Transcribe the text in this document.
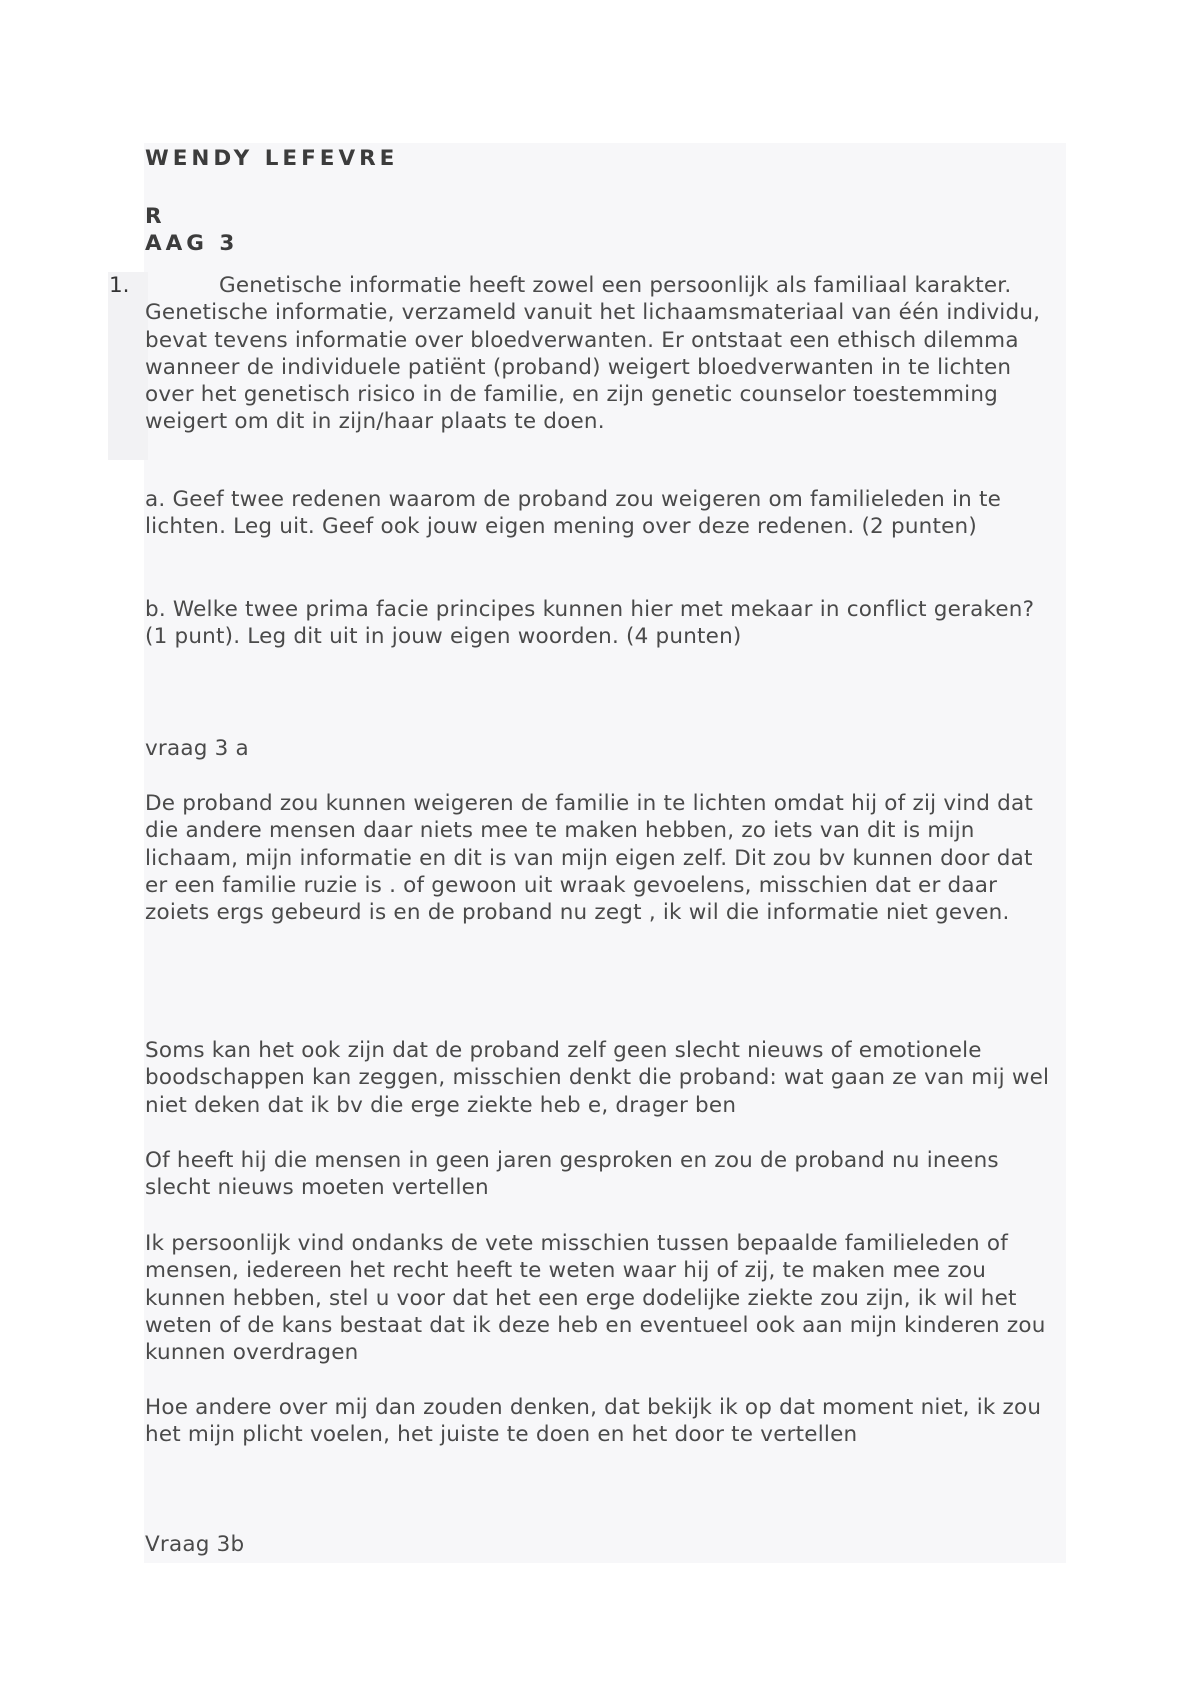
WENDY LEFEVRE

R

AAG 3

1.	Genetische informatie heeft zowel een persoonlijk als familiaal karakter. Genetische informatie, verzameld vanuit het lichaamsmateriaal van één individu, bevat tevens informatie over bloedverwanten. Er ontstaat een ethisch dilemma wanneer de individuele patiënt (proband) weigert bloedverwanten in te lichten over het genetisch risico in de familie, en zijn genetic counselor toestemming weigert om dit in zijn/haar plaats te doen.

a. Geef twee redenen waarom de proband zou weigeren om familieleden in te lichten. Leg uit. Geef ook jouw eigen mening over deze redenen. (2 punten)

b. Welke twee prima facie principes kunnen hier met mekaar in conflict geraken? (1 punt). Leg dit uit in jouw eigen woorden. (4 punten)

vraag 3 a

De proband zou kunnen weigeren de familie in te lichten omdat hij of zij vind dat die andere mensen daar niets mee te maken hebben, zo iets van dit is mijn lichaam, mijn informatie en dit is van mijn eigen zelf. Dit zou bv kunnen door dat er een familie ruzie is . of gewoon uit wraak gevoelens, misschien dat er daar zoiets ergs gebeurd is en de proband nu zegt , ik wil die informatie niet geven.

Soms kan het ook zijn dat de proband zelf geen slecht nieuws of emotionele boodschappen kan zeggen, misschien denkt die proband: wat gaan ze van mij wel niet deken dat ik bv die erge ziekte heb e, drager ben

Of heeft hij die mensen in geen jaren gesproken en zou de proband nu ineens slecht nieuws moeten vertellen

Ik persoonlijk vind ondanks de vete misschien tussen bepaalde familieleden of mensen, iedereen het recht heeft te weten waar hij of zij, te maken mee zou kunnen hebben, stel u voor dat het een erge dodelijke ziekte zou zijn, ik wil het weten of de kans bestaat dat ik deze heb en eventueel ook aan mijn kinderen zou kunnen overdragen

Hoe andere over mij dan zouden denken, dat bekijk ik op dat moment niet, ik zou het mijn plicht voelen, het juiste te doen en het door te vertellen

Vraag 3b
